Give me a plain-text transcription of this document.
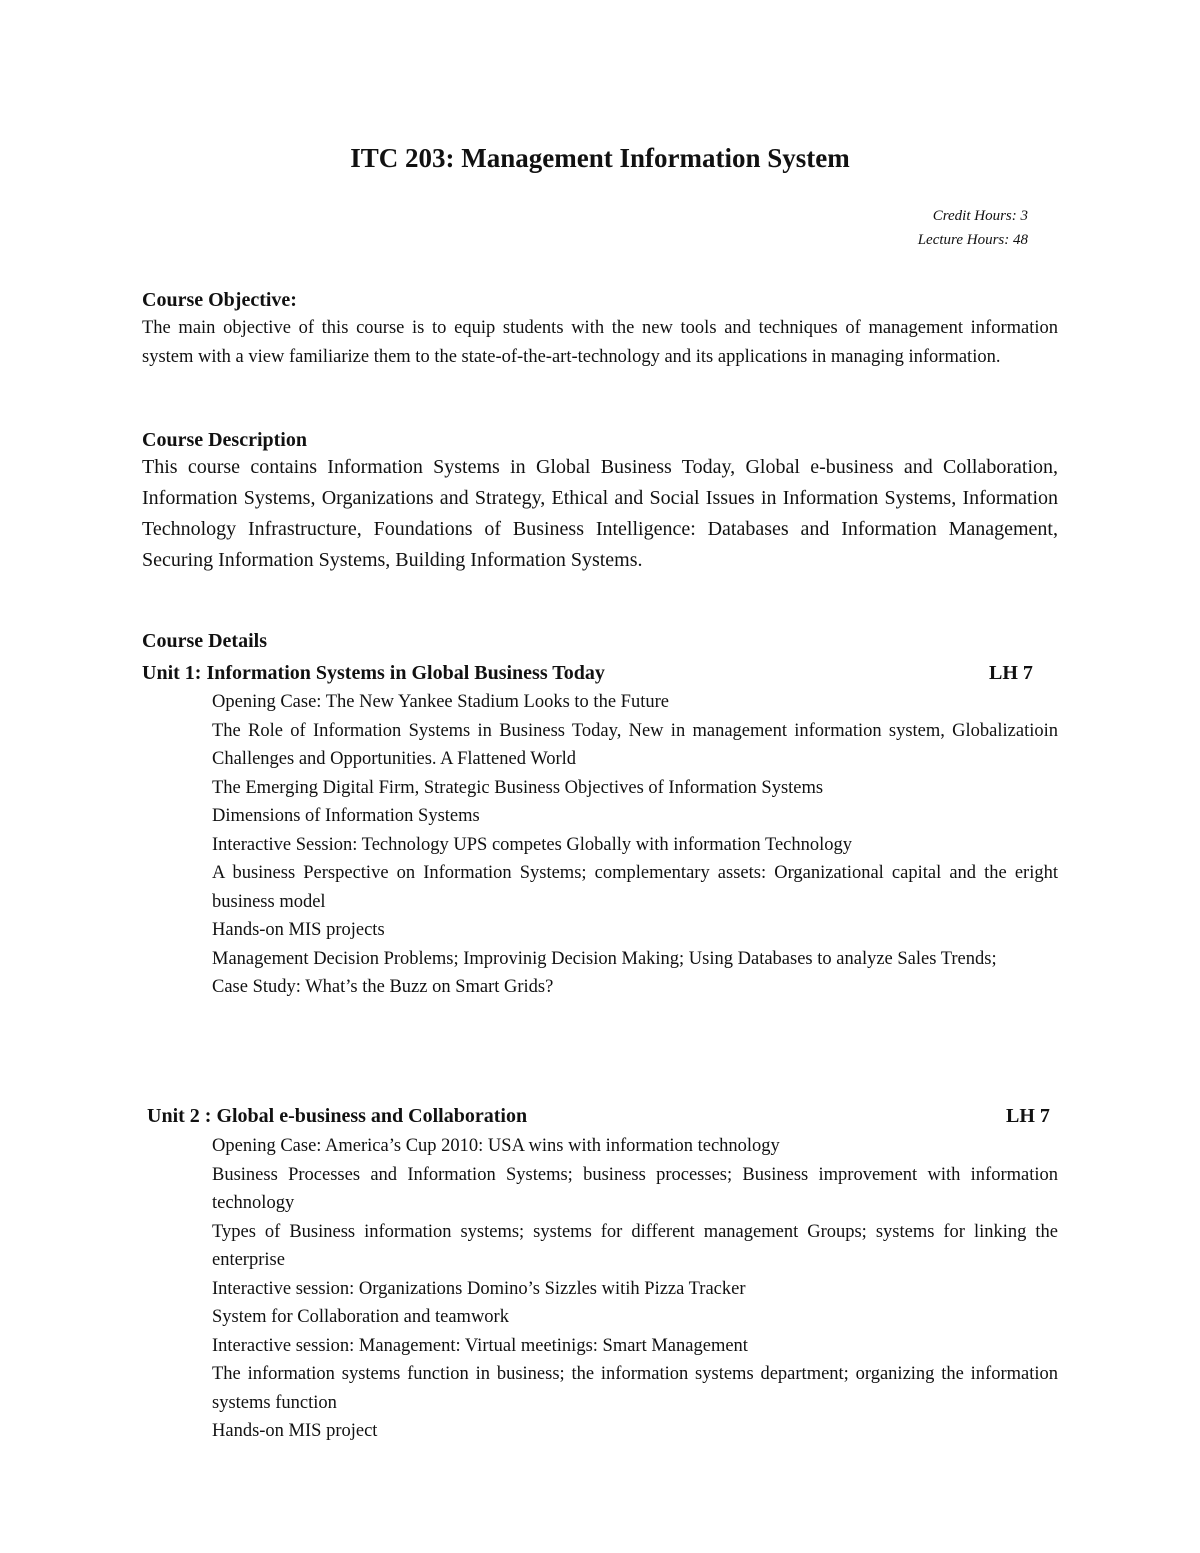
ITC 203: Management Information System
Credit Hours: 3
Lecture Hours: 48
Course Objective:
The main objective of this course is to equip students with the new tools and techniques of management information system with a view familiarize them to the state-of-the-art-technology and its applications in managing information.
Course Description
This course contains Information Systems in Global Business Today, Global e-business and Collaboration, Information Systems, Organizations and Strategy, Ethical and Social Issues in Information Systems, Information Technology Infrastructure, Foundations of Business Intelligence: Databases and Information Management, Securing Information Systems, Building Information Systems.
Course Details
Unit 1: Information Systems in Global Business Today	LH 7
Opening Case: The New Yankee Stadium Looks to the Future
The Role of Information Systems in Business Today, New in management information system, Globalizatioin Challenges and Opportunities. A Flattened World
The Emerging Digital Firm, Strategic Business Objectives of Information Systems
Dimensions of Information Systems
Interactive Session: Technology UPS competes Globally with information Technology
A business Perspective on Information Systems; complementary assets: Organizational capital and the eright business model
Hands-on MIS projects
Management Decision Problems; Improvinig Decision Making; Using Databases to analyze Sales Trends;
Case Study: What’s the Buzz on Smart Grids?
Unit 2 : Global e-business and Collaboration	LH 7
Opening Case: America’s Cup 2010: USA wins with information technology
Business Processes and Information Systems; business processes; Business improvement with information technology
Types of Business information systems; systems for different management Groups; systems for linking the enterprise
Interactive session: Organizations Domino’s Sizzles witih Pizza Tracker
System for Collaboration and teamwork
Interactive session: Management: Virtual meetinigs: Smart Management
The information systems function in business; the information systems department; organizing the information systems function
Hands-on MIS project
